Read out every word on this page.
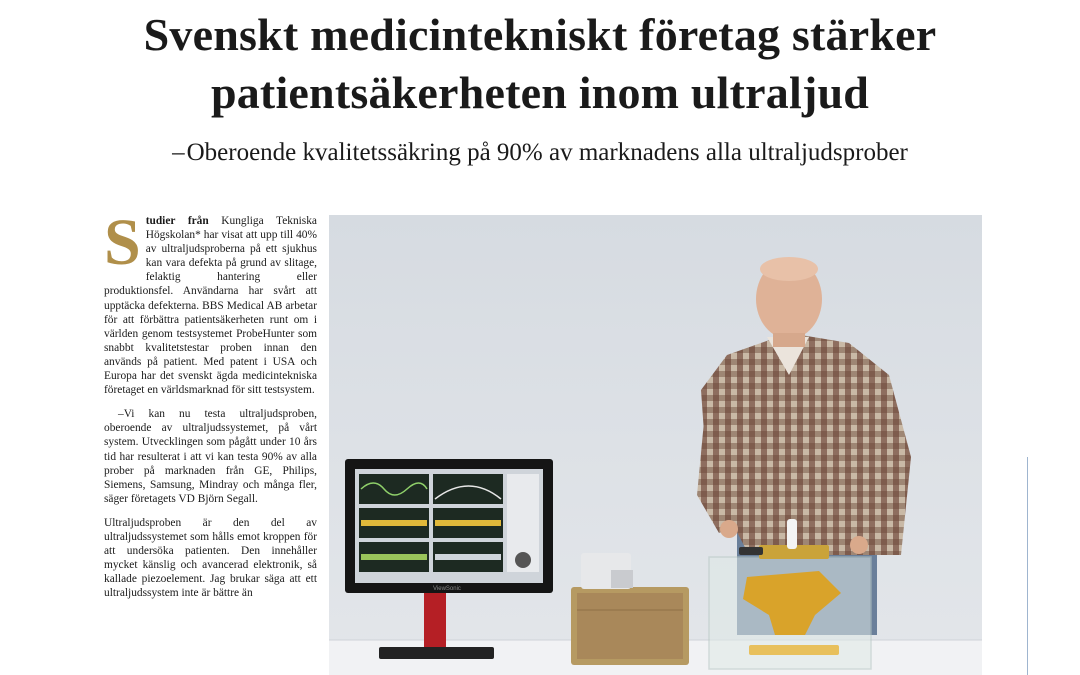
Svenskt medicintekniskt företag stärker
patientsäkerheten inom ultraljud

–Oberoende kvalitetssäkring på 90% av marknadens alla ultraljudsprober

Studier från Kungliga Tekniska Högskolan* har visat att upp till 40% av ultraljudsproberna på ett sjukhus kan vara defekta på grund av slitage, felaktig hantering eller produktionsfel. Användarna har svårt att upptäcka defekterna. BBS Medical AB arbetar för att förbättra patientsäkerheten runt om i världen genom testsystemet ProbeHunter som snabbt kvalitetstestar proben innan den används på patient. Med patent i USA och Europa har det svenskt ägda medicintekniska företaget en världsmarknad för sitt testsystem.

–Vi kan nu testa ultraljudsproben, oberoende av ultraljudssystemet, på vårt system. Utvecklingen som pågått under 10 års tid har resulterat i att vi kan testa 90% av alla prober på marknaden från GE, Philips, Siemens, Samsung, Mindray och många fler, säger företagets VD Björn Segall.

Ultraljudsproben är den del av ultraljudssystemet som hålls emot kroppen för att undersöka patienten. Den innehåller mycket känslig och avancerad elektronik, så kallade piezoelement. Jag brukar säga att ett ultraljudssystem inte är bättre än	ViewSonic
